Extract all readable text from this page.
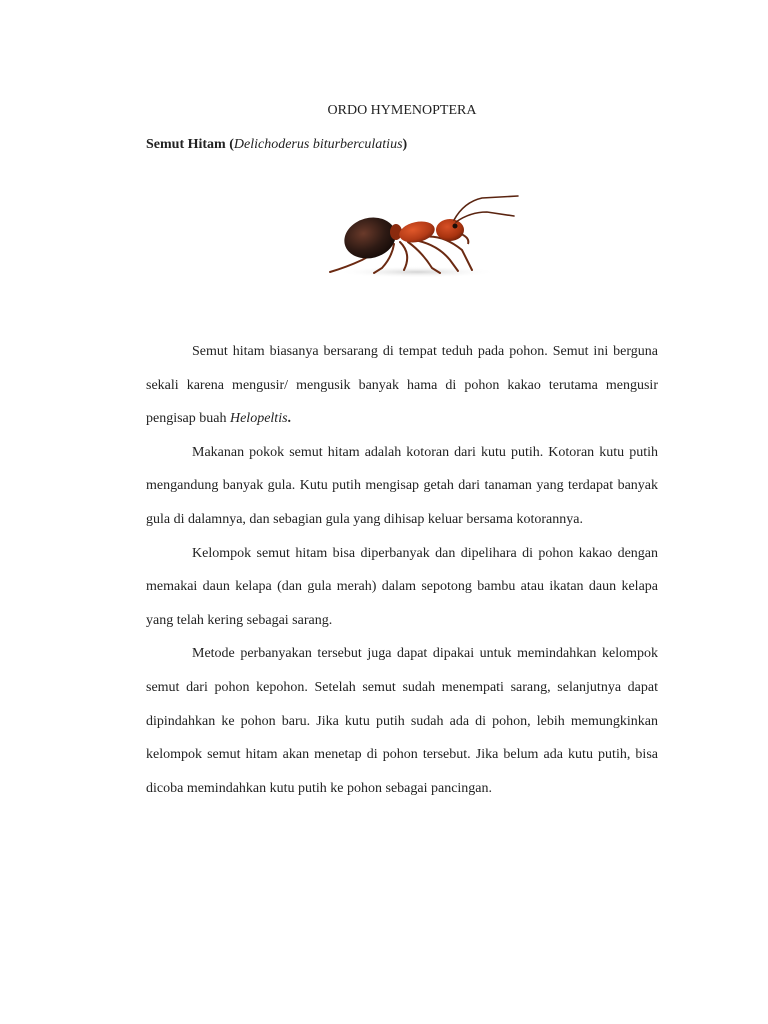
ORDO HYMENOPTERA
Semut Hitam (Delichoderus biturberculatius)

Semut hitam biasanya bersarang di tempat teduh pada pohon. Semut ini berguna sekali karena mengusir/ mengusik banyak hama di pohon kakao terutama mengusir pengisap buah Helopeltis.

Makanan pokok semut hitam adalah kotoran dari kutu putih. Kotoran kutu putih mengandung banyak gula. Kutu putih mengisap getah dari tanaman yang terdapat banyak gula di dalamnya, dan sebagian gula yang dihisap keluar bersama kotorannya.

Kelompok semut hitam bisa diperbanyak dan dipelihara di pohon kakao dengan memakai daun kelapa (dan gula merah) dalam sepotong bambu atau ikatan daun kelapa yang telah kering sebagai sarang.

Metode perbanyakan tersebut juga dapat dipakai untuk memindahkan kelompok semut dari pohon kepohon. Setelah semut sudah menempati sarang, selanjutnya dapat dipindahkan ke pohon baru. Jika kutu putih sudah ada di pohon, lebih memungkinkan kelompok semut hitam akan menetap di pohon tersebut. Jika belum ada kutu putih, bisa dicoba memindahkan kutu putih ke pohon sebagai pancingan.
